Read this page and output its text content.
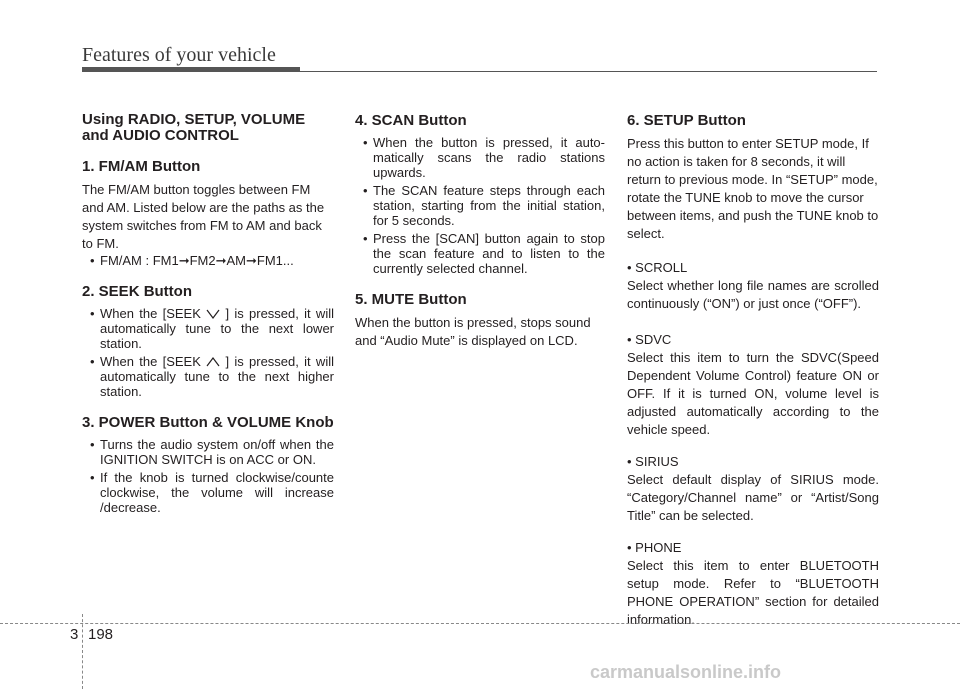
Features of your vehicle
Using RADIO, SETUP, VOLUME and AUDIO CONTROL
1. FM/AM Button

The FM/AM button toggles between FM and AM. Listed below are the paths as the system switches from FM to AM and back to FM.

• FM/AM : FM1➞FM2➞AM➞FM1...
2. SEEK Button
• When the [SEEK
] is pressed, it will automatically tune to the next lower station.
• When the [SEEK
] is pressed, it will automatically tune to the next higher station.
3. POWER Button & VOLUME Knob
• Turns the audio system on/off when the IGNITION SWITCH is on ACC or ON.
• If the knob is turned clockwise/counte clockwise, the volume will increase /decrease.
4. SCAN Button
• When the button is pressed, it auto-matically scans the radio stations upwards.
• The SCAN feature steps through each station, starting from the initial station, for 5 seconds.
• Press the [SCAN] button again to stop the scan feature and to listen to the currently selected channel.
5. MUTE Button

When the button is pressed, stops sound and “Audio Mute” is displayed on LCD.

6. SETUP Button

Press this button to enter SETUP mode, If no action is taken for 8 seconds, it will return to previous mode. In “SETUP” mode, rotate the TUNE knob to move the cursor between items, and push the TUNE knob to select.

• SCROLL

Select whether long file names are scrolled continuously (“ON”) or just once (“OFF”).

• SDVC

Select this item to turn the SDVC(Speed Dependent Volume Control) feature ON or OFF. If it is turned ON, volume level is adjusted automatically according to the vehicle speed.

• SIRIUS

Select default display of SIRIUS mode. “Category/Channel name” or “Artist/Song Title” can be selected.

• PHONE

Select this item to enter BLUETOOTH setup mode. Refer to “BLUETOOTH PHONE OPERATION” section for detailed information.

3 198
carmanualsonline.info
